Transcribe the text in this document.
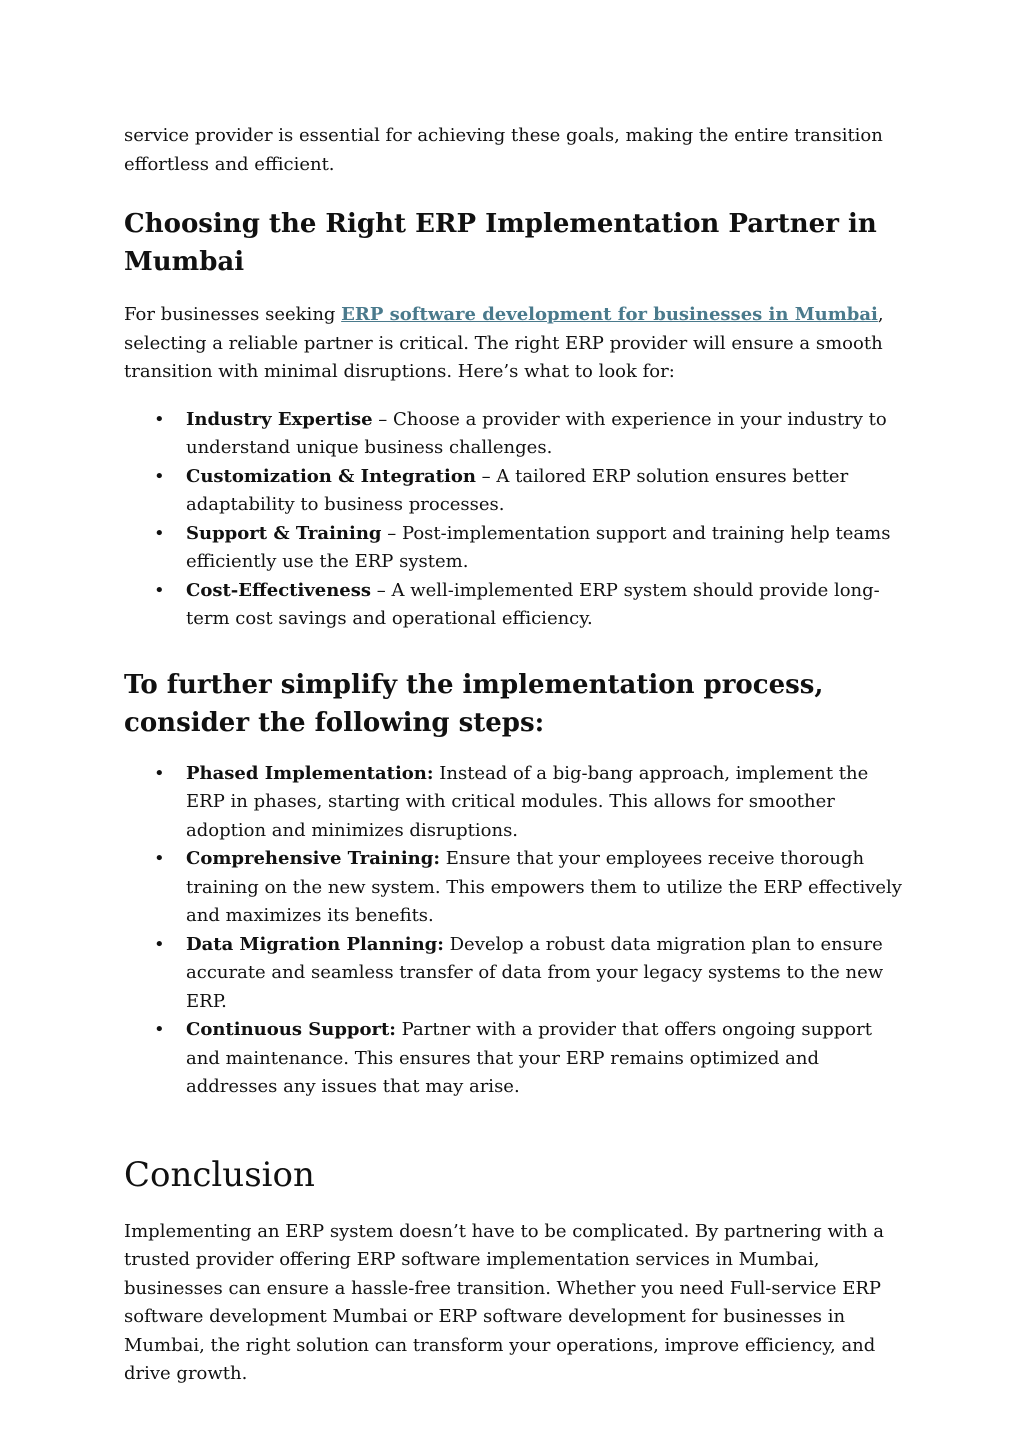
service provider is essential for achieving these goals, making the entire transition effortless and efficient.

Choosing the Right ERP Implementation Partner in Mumbai

For businesses seeking ERP software development for businesses in Mumbai, selecting a reliable partner is critical. The right ERP provider will ensure a smooth transition with minimal disruptions. Here’s what to look for:

• Industry Expertise – Choose a provider with experience in your industry to understand unique business challenges.
• Customization & Integration – A tailored ERP solution ensures better adaptability to business processes.
• Support & Training – Post-implementation support and training help teams efficiently use the ERP system.
• Cost-Effectiveness – A well-implemented ERP system should provide long-term cost savings and operational efficiency.
To further simplify the implementation process, consider the following steps:
• Phased Implementation: Instead of a big-bang approach, implement the ERP in phases, starting with critical modules. This allows for smoother adoption and minimizes disruptions.
• Comprehensive Training: Ensure that your employees receive thorough training on the new system. This empowers them to utilize the ERP effectively and maximizes its benefits.
• Data Migration Planning: Develop a robust data migration plan to ensure accurate and seamless transfer of data from your legacy systems to the new ERP.
• Continuous Support: Partner with a provider that offers ongoing support and maintenance. This ensures that your ERP remains optimized and addresses any issues that may arise.
Conclusion

Implementing an ERP system doesn’t have to be complicated. By partnering with a trusted provider offering ERP software implementation services in Mumbai, businesses can ensure a hassle-free transition. Whether you need Full-service ERP software development Mumbai or ERP software development for businesses in Mumbai, the right solution can transform your operations, improve efficiency, and drive growth.
